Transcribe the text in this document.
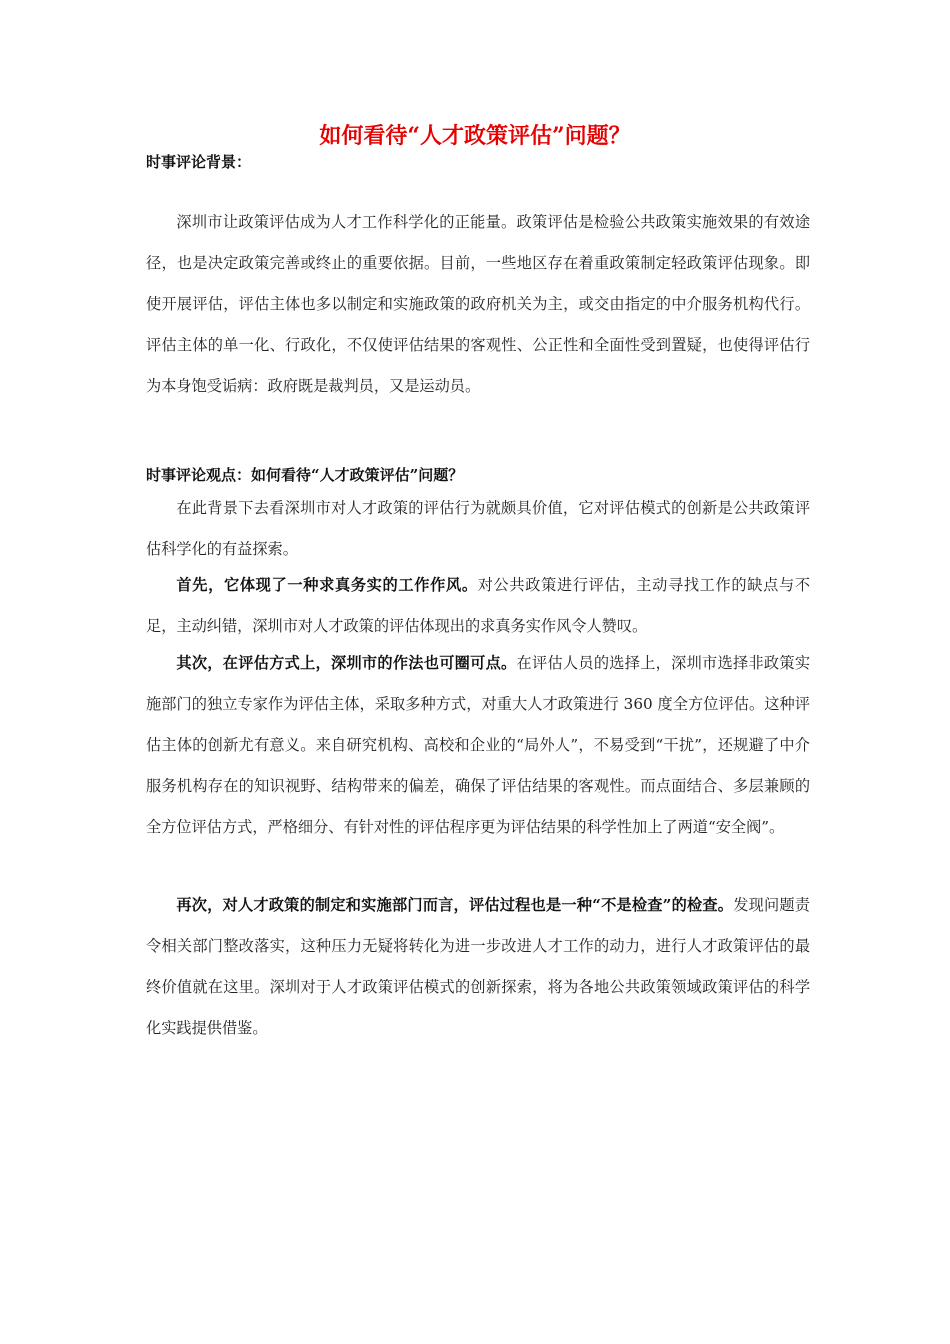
如何看待“人才政策评估”问题？

时事评论背景：

深圳市让政策评估成为人才工作科学化的正能量。政策评估是检验公共政策实施效果的有效途径，也是决定政策完善或终止的重要依据。目前，一些地区存在着重政策制定轻政策评估现象。即使开展评估，评估主体也多以制定和实施政策的政府机关为主，或交由指定的中介服务机构代行。评估主体的单一化、行政化，不仅使评估结果的客观性、公正性和全面性受到置疑，也使得评估行为本身饱受诟病：政府既是裁判员，又是运动员。

时事评论观点：如何看待“人才政策评估”问题？

在此背景下去看深圳市对人才政策的评估行为就颇具价值，它对评估模式的创新是公共政策评估科学化的有益探索。

首先，它体现了一种求真务实的工作作风。对公共政策进行评估，主动寻找工作的缺点与不足，主动纠错，深圳市对人才政策的评估体现出的求真务实作风令人赞叹。

其次，在评估方式上，深圳市的作法也可圈可点。在评估人员的选择上，深圳市选择非政策实施部门的独立专家作为评估主体，采取多种方式，对重大人才政策进行 360 度全方位评估。这种评估主体的创新尤有意义。来自研究机构、高校和企业的“局外人”，不易受到“干扰”，还规避了中介服务机构存在的知识视野、结构带来的偏差，确保了评估结果的客观性。而点面结合、多层兼顾的全方位评估方式，严格细分、有针对性的评估程序更为评估结果的科学性加上了两道“安全阀”。

再次，对人才政策的制定和实施部门而言，评估过程也是一种“不是检查”的检查。发现问题责令相关部门整改落实，这种压力无疑将转化为进一步改进人才工作的动力，进行人才政策评估的最终价值就在这里。深圳对于人才政策评估模式的创新探索，将为各地公共政策领域政策评估的科学化实践提供借鉴。
